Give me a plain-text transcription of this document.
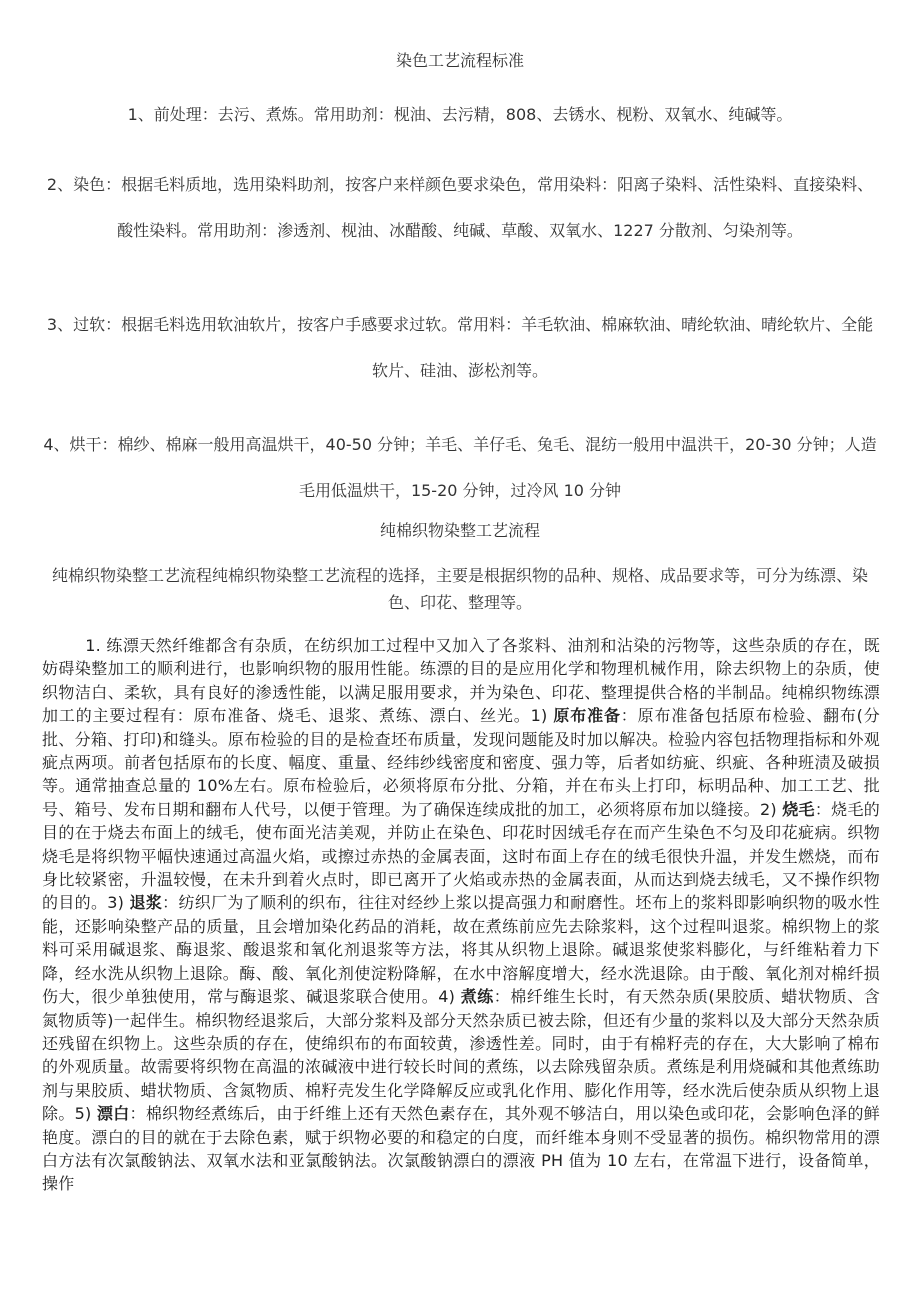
染色工艺流程标准
1、前处理：去污、煮炼。常用助剂：枧油、去污精，808、去锈水、枧粉、双氧水、纯碱等。
2、染色：根据毛料质地，选用染料助剂，按客户来样颜色要求染色，常用染料：阳离子染料、活性染料、直接染料、酸性染料。常用助剂：渗透剂、枧油、冰醋酸、纯碱、草酸、双氧水、1227 分散剂、匀染剂等。
3、过软：根据毛料选用软油软片，按客户手感要求过软。常用料：羊毛软油、棉麻软油、晴纶软油、晴纶软片、全能软片、硅油、澎松剂等。
4、烘干：棉纱、棉麻一般用高温烘干，40-50 分钟；羊毛、羊仔毛、兔毛、混纺一般用中温洪干，20-30 分钟；人造毛用低温烘干，15-20 分钟，过冷风 10 分钟
纯棉织物染整工艺流程
纯棉织物染整工艺流程纯棉织物染整工艺流程的选择，主要是根据织物的品种、规格、成品要求等，可分为练漂、染色、印花、整理等。
1. 练漂天然纤维都含有杂质，在纺织加工过程中又加入了各浆料、油剂和沾染的污物等，这些杂质的存在，既妨碍染整加工的顺利进行，也影响织物的服用性能。练漂的目的是应用化学和物理机械作用，除去织物上的杂质，使织物洁白、柔软，具有良好的渗透性能，以满足服用要求，并为染色、印花、整理提供合格的半制品。纯棉织物练漂加工的主要过程有：原布准备、烧毛、退浆、煮练、漂白、丝光。1) 原布准备：原布准备包括原布检验、翻布(分批、分箱、打印)和缝头。原布检验的目的是检查坯布质量，发现问题能及时加以解决。检验内容包括物理指标和外观疵点两项。前者包括原布的长度、幅度、重量、经纬纱线密度和密度、强力等，后者如纺疵、织疵、各种班渍及破损等。通常抽查总量的 10%左右。原布检验后，必须将原布分批、分箱，并在布头上打印，标明品种、加工工艺、批号、箱号、发布日期和翻布人代号，以便于管理。为了确保连续成批的加工，必须将原布加以缝接。2) 烧毛：烧毛的目的在于烧去布面上的绒毛，使布面光洁美观，并防止在染色、印花时因绒毛存在而产生染色不匀及印花疵病。织物烧毛是将织物平幅快速通过高温火焰，或擦过赤热的金属表面，这时布面上存在的绒毛很快升温，并发生燃烧，而布身比较紧密，升温较慢，在未升到着火点时，即已离开了火焰或赤热的金属表面，从而达到烧去绒毛，又不操作织物的目的。3) 退浆：纺织厂为了顺利的织布，往往对经纱上浆以提高强力和耐磨性。坯布上的浆料即影响织物的吸水性能，还影响染整产品的质量，且会增加染化药品的消耗，故在煮练前应先去除浆料，这个过程叫退浆。棉织物上的浆料可采用碱退浆、酶退浆、酸退浆和氧化剂退浆等方法，将其从织物上退除。碱退浆使浆料膨化，与纤维粘着力下降，经水洗从织物上退除。酶、酸、氧化剂使淀粉降解，在水中溶解度增大，经水洗退除。由于酸、氧化剂对棉纤损伤大，很少单独使用，常与酶退浆、碱退浆联合使用。4) 煮练：棉纤维生长时，有天然杂质(果胶质、蜡状物质、含氮物质等)一起伴生。棉织物经退浆后，大部分浆料及部分天然杂质已被去除，但还有少量的浆料以及大部分天然杂质还残留在织物上。这些杂质的存在，使绵织布的布面较黄，渗透性差。同时，由于有棉籽壳的存在，大大影响了棉布的外观质量。故需要将织物在高温的浓碱液中进行较长时间的煮练，以去除残留杂质。煮练是利用烧碱和其他煮练助剂与果胶质、蜡状物质、含氮物质、棉籽壳发生化学降解反应或乳化作用、膨化作用等，经水洗后使杂质从织物上退除。5) 漂白：棉织物经煮练后，由于纤维上还有天然色素存在，其外观不够洁白，用以染色或印花，会影响色泽的鲜艳度。漂白的目的就在于去除色素，赋于织物必要的和稳定的白度，而纤维本身则不受显著的损伤。棉织物常用的漂白方法有次氯酸钠法、双氧水法和亚氯酸钠法。次氯酸钠漂白的漂液 PH 值为 10 左右，在常温下进行，设备简单，操作
